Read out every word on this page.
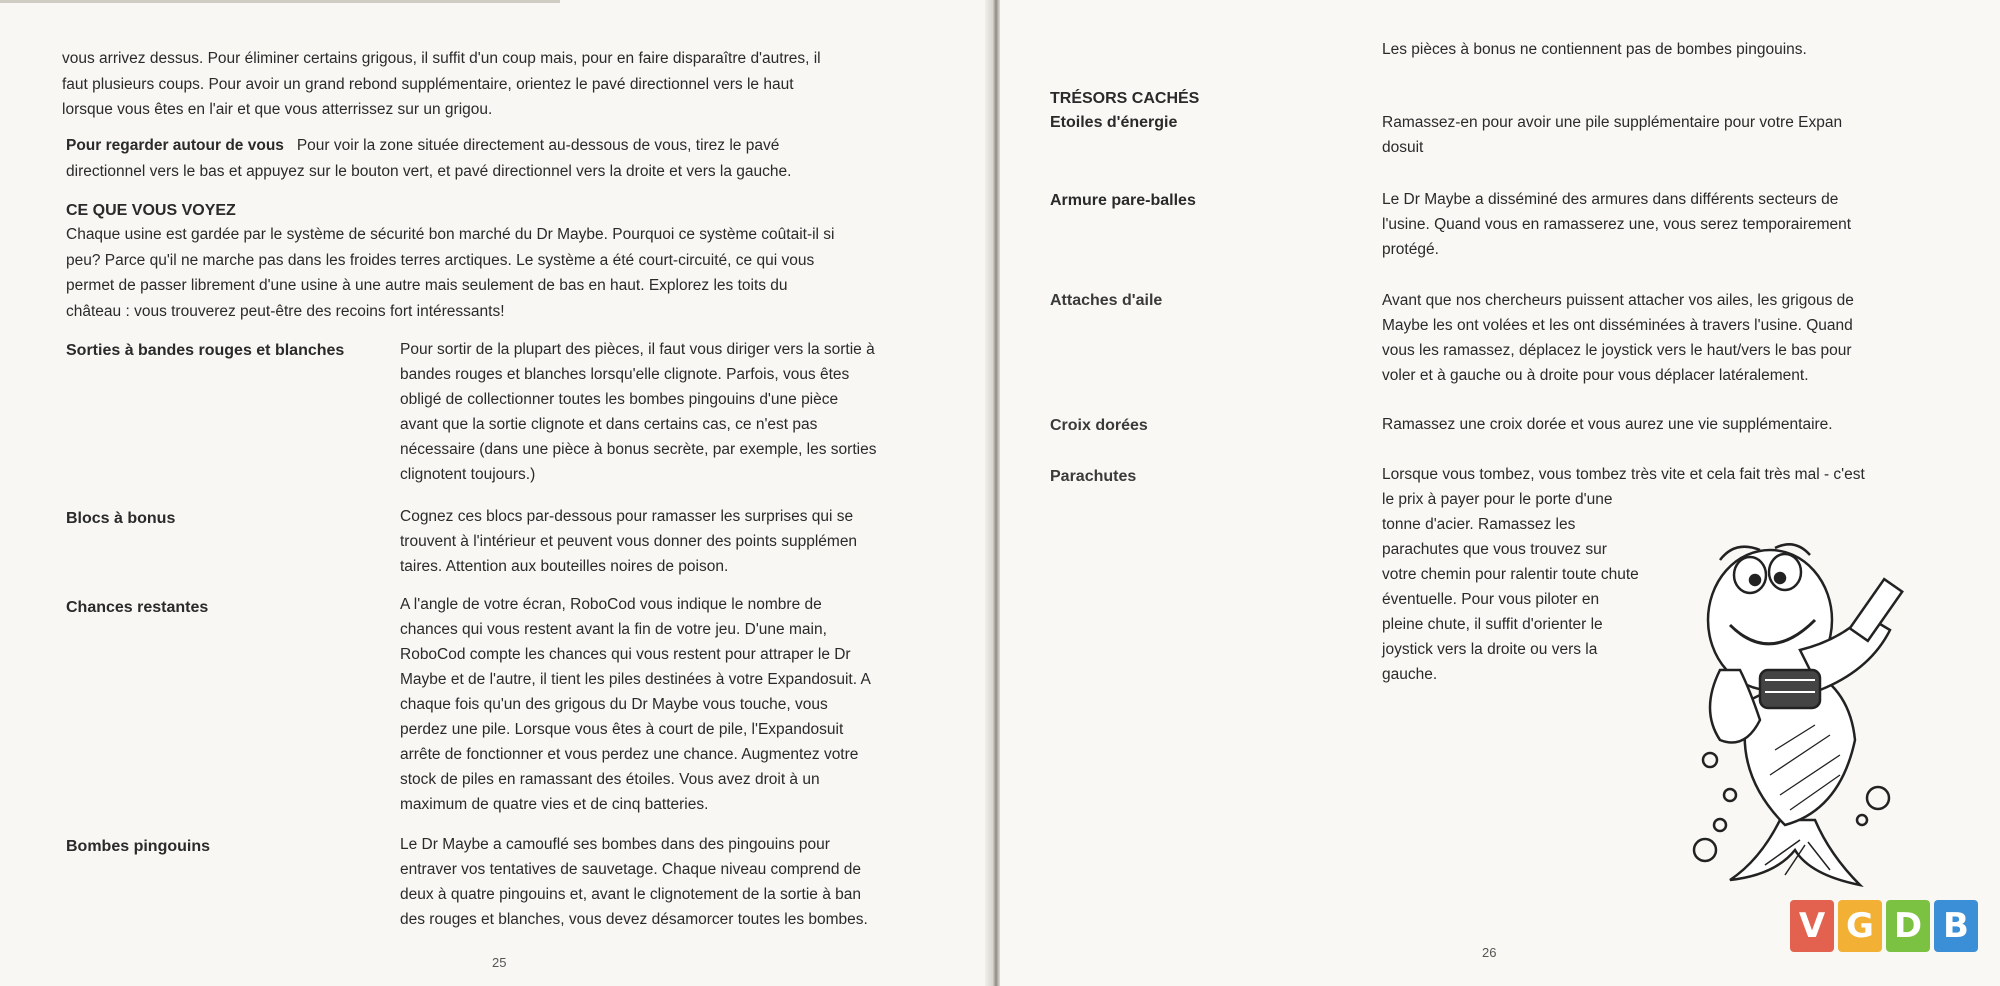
vous arrivez dessus. Pour éliminer certains grigous, il suffit d'un coup mais, pour en faire disparaître d'autres, il
faut plusieurs coups. Pour avoir un grand rebond supplémentaire, orientez le pavé directionnel vers le haut
lorsque vous êtes en l'air et que vous atterrissez sur un grigou.

Pour regarder autour de vous Pour voir la zone située directement au-dessous de vous, tirez le pavé
directionnel vers le bas et appuyez sur le bouton vert, et pavé directionnel vers la droite et vers la gauche.

CE QUE VOUS VOYEZ

Chaque usine est gardée par le système de sécurité bon marché du Dr Maybe. Pourquoi ce système coûtait-il si
peu? Parce qu'il ne marche pas dans les froides terres arctiques. Le système a été court-circuité, ce qui vous
permet de passer librement d'une usine à une autre mais seulement de bas en haut. Explorez les toits du
château : vous trouverez peut-être des recoins fort intéressants!

Sorties à bandes rouges et blanches	Pour sortir de la plupart des pièces, il faut vous diriger vers la sortie à
bandes rouges et blanches lorsqu'elle clignote. Parfois, vous êtes
obligé de collectionner toutes les bombes pingouins d'une pièce
avant que la sortie clignote et dans certains cas, ce n'est pas
nécessaire (dans une pièce à bonus secrète, par exemple, les sorties
clignotent toujours.)

Blocs à bonus	Cognez ces blocs par-dessous pour ramasser les surprises qui se
trouvent à l'intérieur et peuvent vous donner des points supplémen
taires. Attention aux bouteilles noires de poison.

Chances restantes	A l'angle de votre écran, RoboCod vous indique le nombre de
chances qui vous restent avant la fin de votre jeu. D'une main,
RoboCod compte les chances qui vous restent pour attraper le Dr
Maybe et de l'autre, il tient les piles destinées à votre Expandosuit. A
chaque fois qu'un des grigous du Dr Maybe vous touche, vous
perdez une pile. Lorsque vous êtes à court de pile, l'Expandosuit
arrête de fonctionner et vous perdez une chance. Augmentez votre
stock de piles en ramassant des étoiles. Vous avez droit à un
maximum de quatre vies et de cinq batteries.

Bombes pingouins	Le Dr Maybe a camouflé ses bombes dans des pingouins pour
entraver vos tentatives de sauvetage. Chaque niveau comprend de
deux à quatre pingouins et, avant le clignotement de la sortie à ban
des rouges et blanches, vous devez désamorcer toutes les bombes.

25
Les pièces à bonus ne contiennent pas de bombes pingouins.
TRÉSORS CACHÉS
Etoiles d'énergie	Ramassez-en pour avoir une pile supplémentaire pour votre Expan
dosuit

Armure pare-balles	Le Dr Maybe a disséminé des armures dans différents secteurs de
l'usine. Quand vous en ramasserez une, vous serez temporairement
protégé.

Attaches d'aile	Avant que nos chercheurs puissent attacher vos ailes, les grigous de
Maybe les ont volées et les ont disséminées à travers l'usine. Quand
vous les ramassez, déplacez le joystick vers le haut/vers le bas pour
voler et à gauche ou à droite pour vous déplacer latéralement.

Croix dorées	Ramassez une croix dorée et vous aurez une vie supplémentaire.

Parachutes	Lorsque vous tombez, vous tombez très vite et cela fait très mal - c'est
le prix à payer pour le porte d'une
tonne d'acier. Ramassez les
parachutes que vous trouvez sur
votre chemin pour ralentir toute chute
éventuelle. Pour vous piloter en
pleine chute, il suffit d'orienter le
joystick vers la droite ou vers la
gauche.

26
V G D B
